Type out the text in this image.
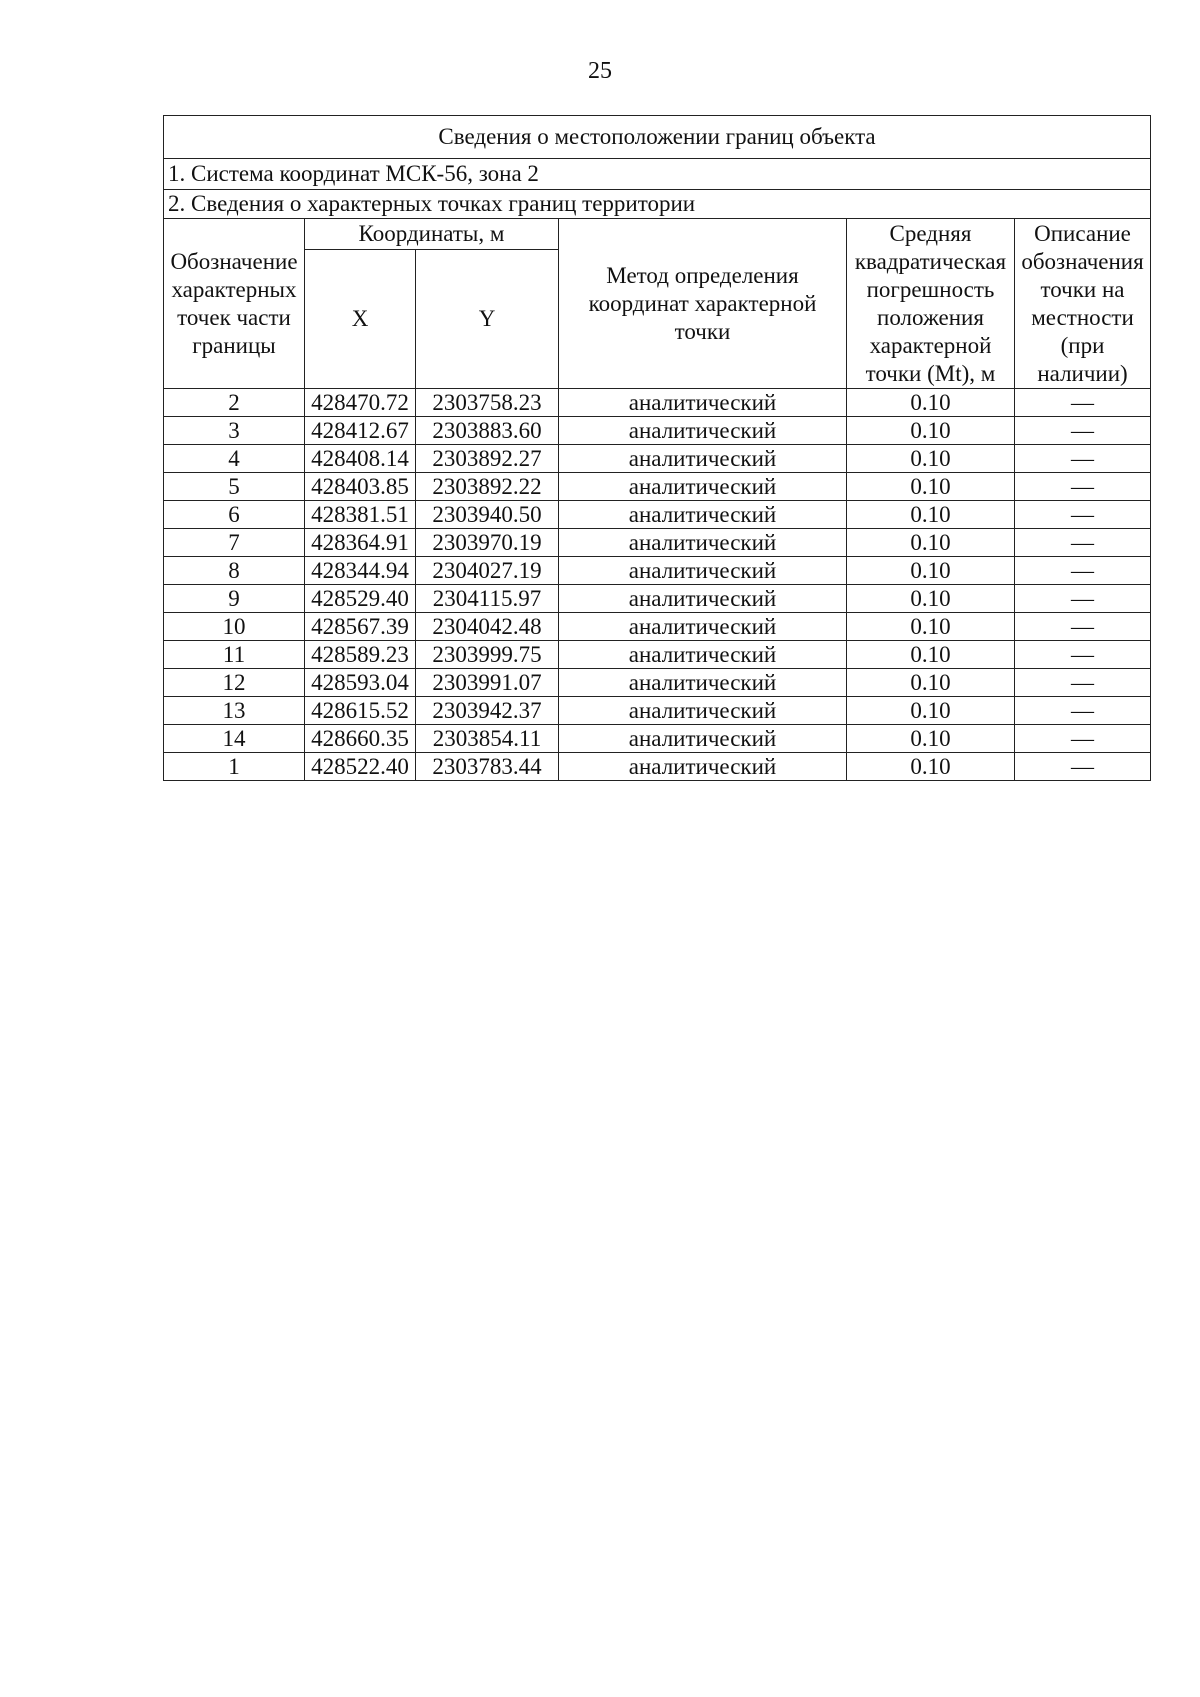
25
Сведения о местоположении границ объекта					
1. Система координат МСК-56, зона 2					
2. Сведения о характерных точках границ территории					
Обозначение характерных точек части границы	Координаты, м		Метод определения координат характерной точки	Средняя квадратическая погрешность положения характерной точки (Mt), м	Описание обозначения точки на местности (при наличии)
	X	Y			
2	428470.72	2303758.23	аналитический	0.10	—
3	428412.67	2303883.60	аналитический	0.10	—
4	428408.14	2303892.27	аналитический	0.10	—
5	428403.85	2303892.22	аналитический	0.10	—
6	428381.51	2303940.50	аналитический	0.10	—
7	428364.91	2303970.19	аналитический	0.10	—
8	428344.94	2304027.19	аналитический	0.10	—
9	428529.40	2304115.97	аналитический	0.10	—
10	428567.39	2304042.48	аналитический	0.10	—
11	428589.23	2303999.75	аналитический	0.10	—
12	428593.04	2303991.07	аналитический	0.10	—
13	428615.52	2303942.37	аналитический	0.10	—
14	428660.35	2303854.11	аналитический	0.10	—
1	428522.40	2303783.44	аналитический	0.10	—
